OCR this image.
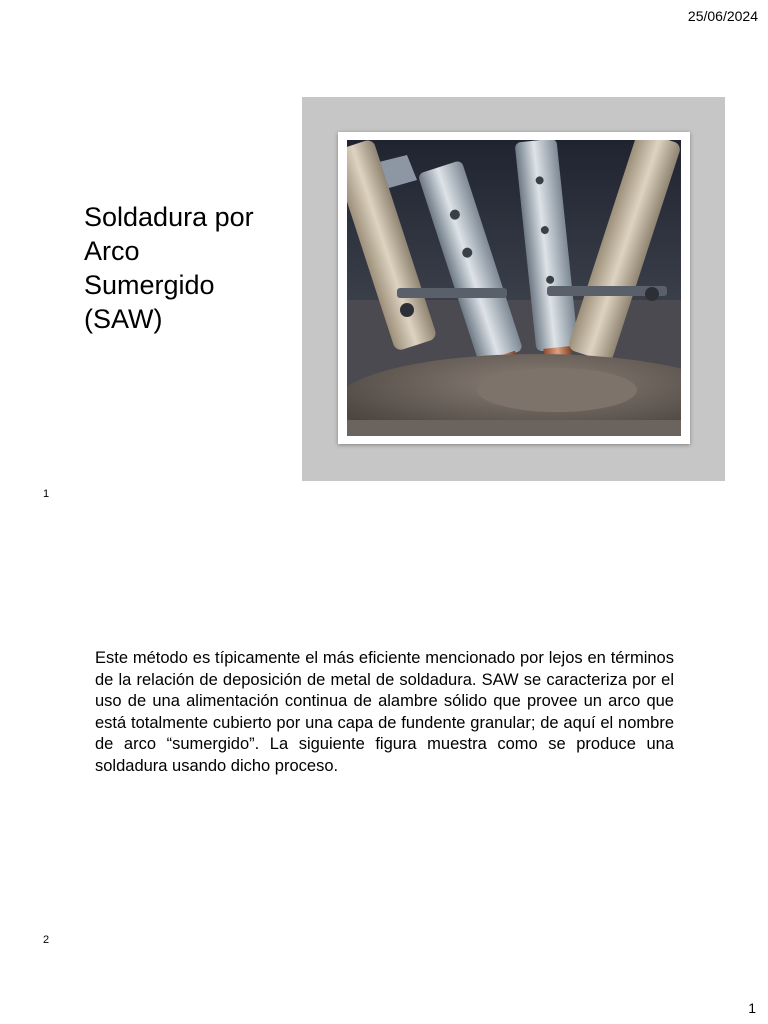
25/06/2024
Soldadura por
Arco
Sumergido
(SAW)
1

Este método es típicamente el más eficiente mencionado por lejos en términos de la relación de deposición de metal de soldadura. SAW se caracteriza por el uso de una alimentación continua de alambre sólido que provee un arco que está totalmente cubierto por una capa de fundente granular; de aquí el nombre de arco “sumergido”. La siguiente figura muestra como se produce una soldadura usando dicho proceso.

2
1
